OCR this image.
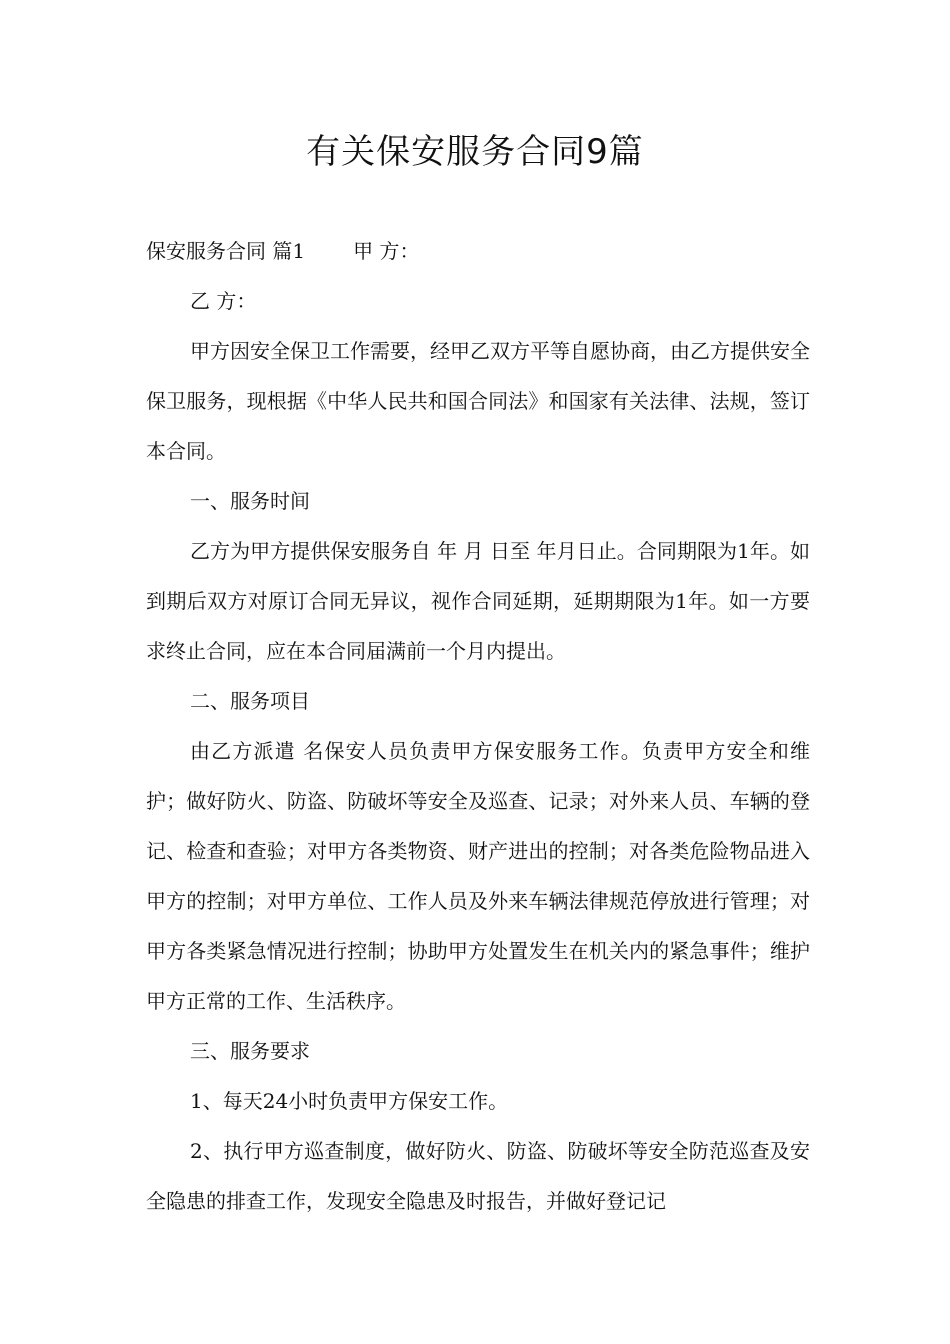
有关保安服务合同9篇

保安服务合同 篇1 甲 方：

乙 方：

甲方因安全保卫工作需要，经甲乙双方平等自愿协商，由乙方提供安全保卫服务，现根据《中华人民共和国合同法》和国家有关法律、法规，签订本合同。

一、服务时间

乙方为甲方提供保安服务自 年 月 日至 年月日止。合同期限为1年。如到期后双方对原订合同无异议，视作合同延期，延期期限为1年。如一方要求终止合同，应在本合同届满前一个月内提出。

二、服务项目

由乙方派遣 名保安人员负责甲方保安服务工作。负责甲方安全和维护；做好防火、防盗、防破坏等安全及巡查、记录；对外来人员、车辆的登记、检查和查验；对甲方各类物资、财产进出的控制；对各类危险物品进入甲方的控制；对甲方单位、工作人员及外来车辆法律规范停放进行管理；对甲方各类紧急情况进行控制；协助甲方处置发生在机关内的紧急事件；维护甲方正常的工作、生活秩序。

三、服务要求

1、每天24小时负责甲方保安工作。

2、执行甲方巡查制度，做好防火、防盗、防破坏等安全防范巡查及安全隐患的排查工作，发现安全隐患及时报告，并做好登记记
